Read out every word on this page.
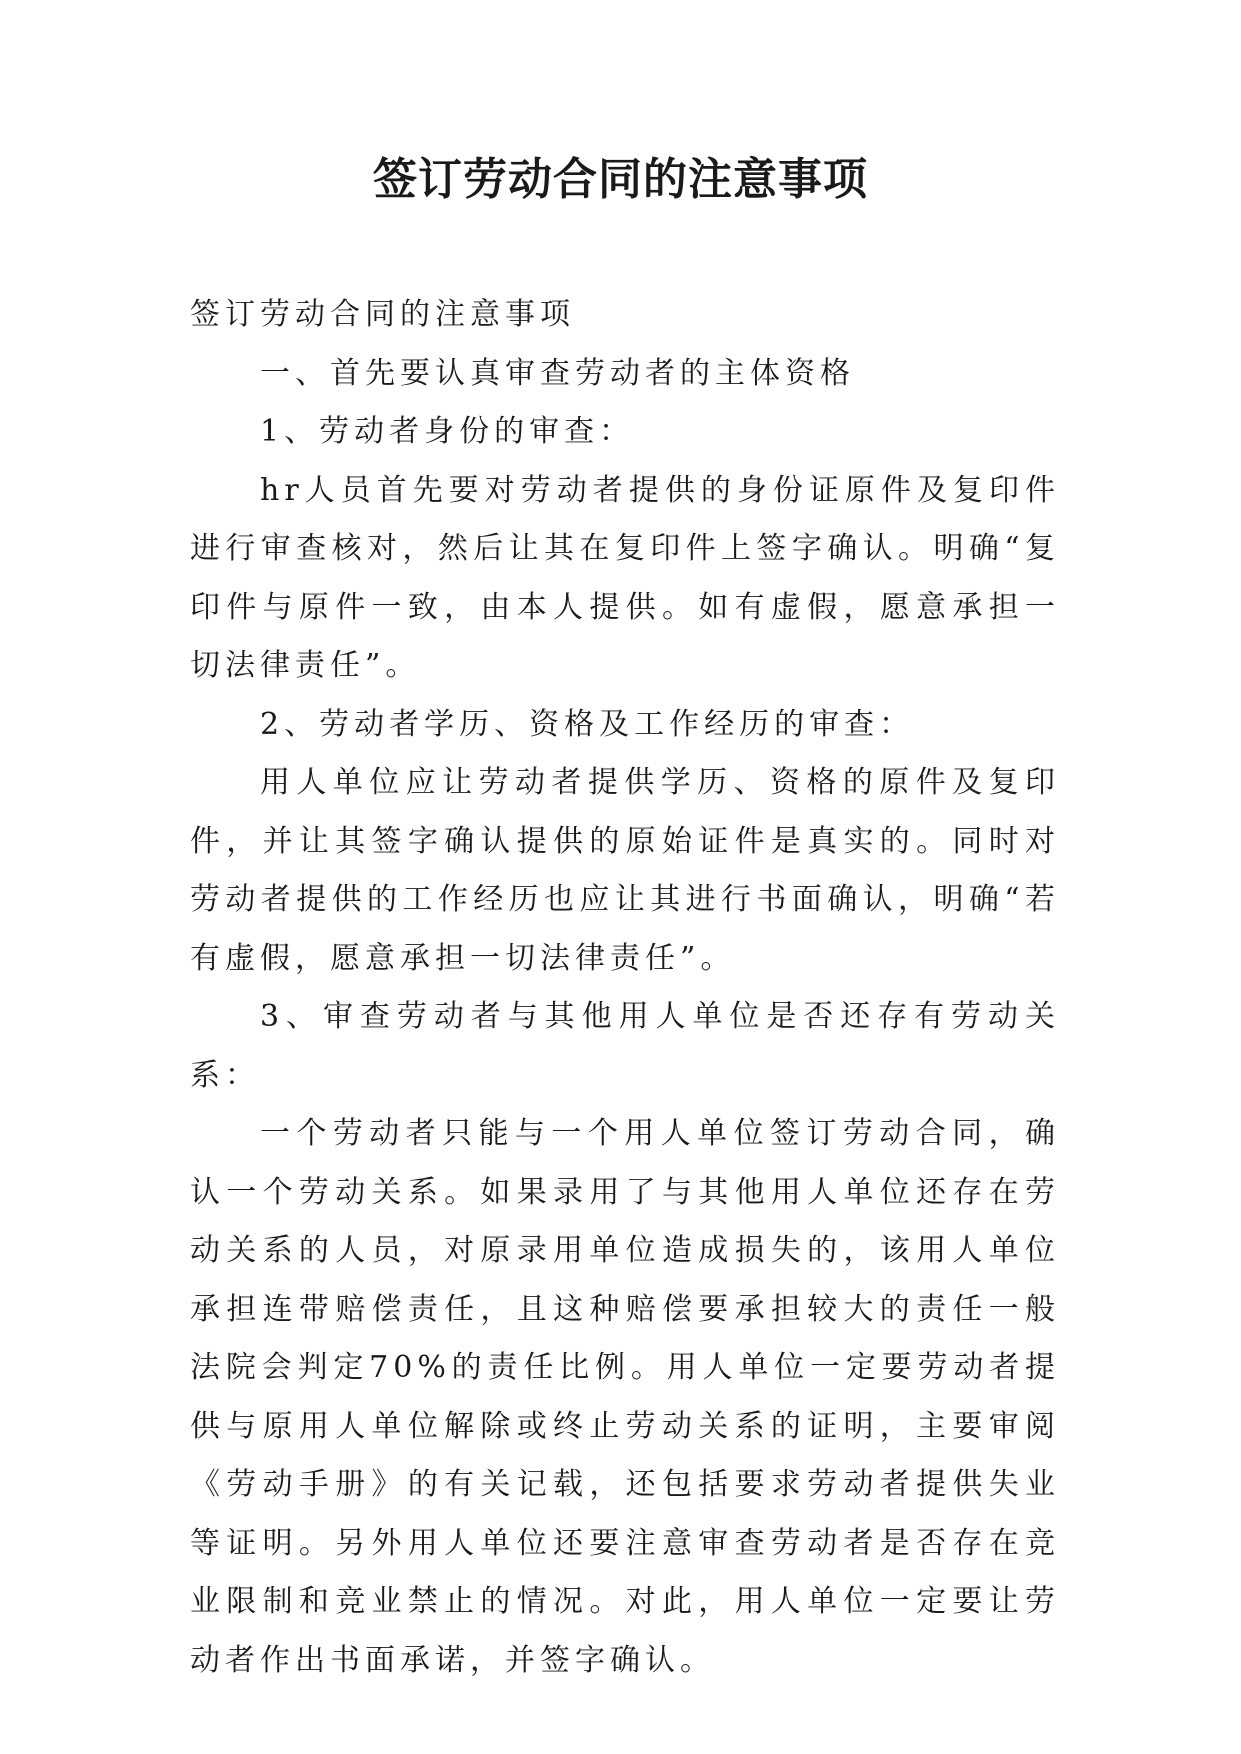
签订劳动合同的注意事项

签订劳动合同的注意事项

一、首先要认真审查劳动者的主体资格

1、劳动者身份的审查：

hr人员首先要对劳动者提供的身份证原件及复印件进行审查核对，然后让其在复印件上签字确认。明确“复印件与原件一致，由本人提供。如有虚假，愿意承担一切法律责任”。

2、劳动者学历、资格及工作经历的审查：

用人单位应让劳动者提供学历、资格的原件及复印件，并让其签字确认提供的原始证件是真实的。同时对劳动者提供的工作经历也应让其进行书面确认，明确“若有虚假，愿意承担一切法律责任”。

3、审查劳动者与其他用人单位是否还存有劳动关系：

一个劳动者只能与一个用人单位签订劳动合同，确认一个劳动关系。如果录用了与其他用人单位还存在劳动关系的人员，对原录用单位造成损失的，该用人单位承担连带赔偿责任，且这种赔偿要承担较大的责任一般法院会判定70%的责任比例。用人单位一定要劳动者提供与原用人单位解除或终止劳动关系的证明，主要审阅《劳动手册》的有关记载，还包括要求劳动者提供失业等证明。另外用人单位还要注意审查劳动者是否存在竞业限制和竞业禁止的情况。对此，用人单位一定要让劳动者作出书面承诺，并签字确认。
